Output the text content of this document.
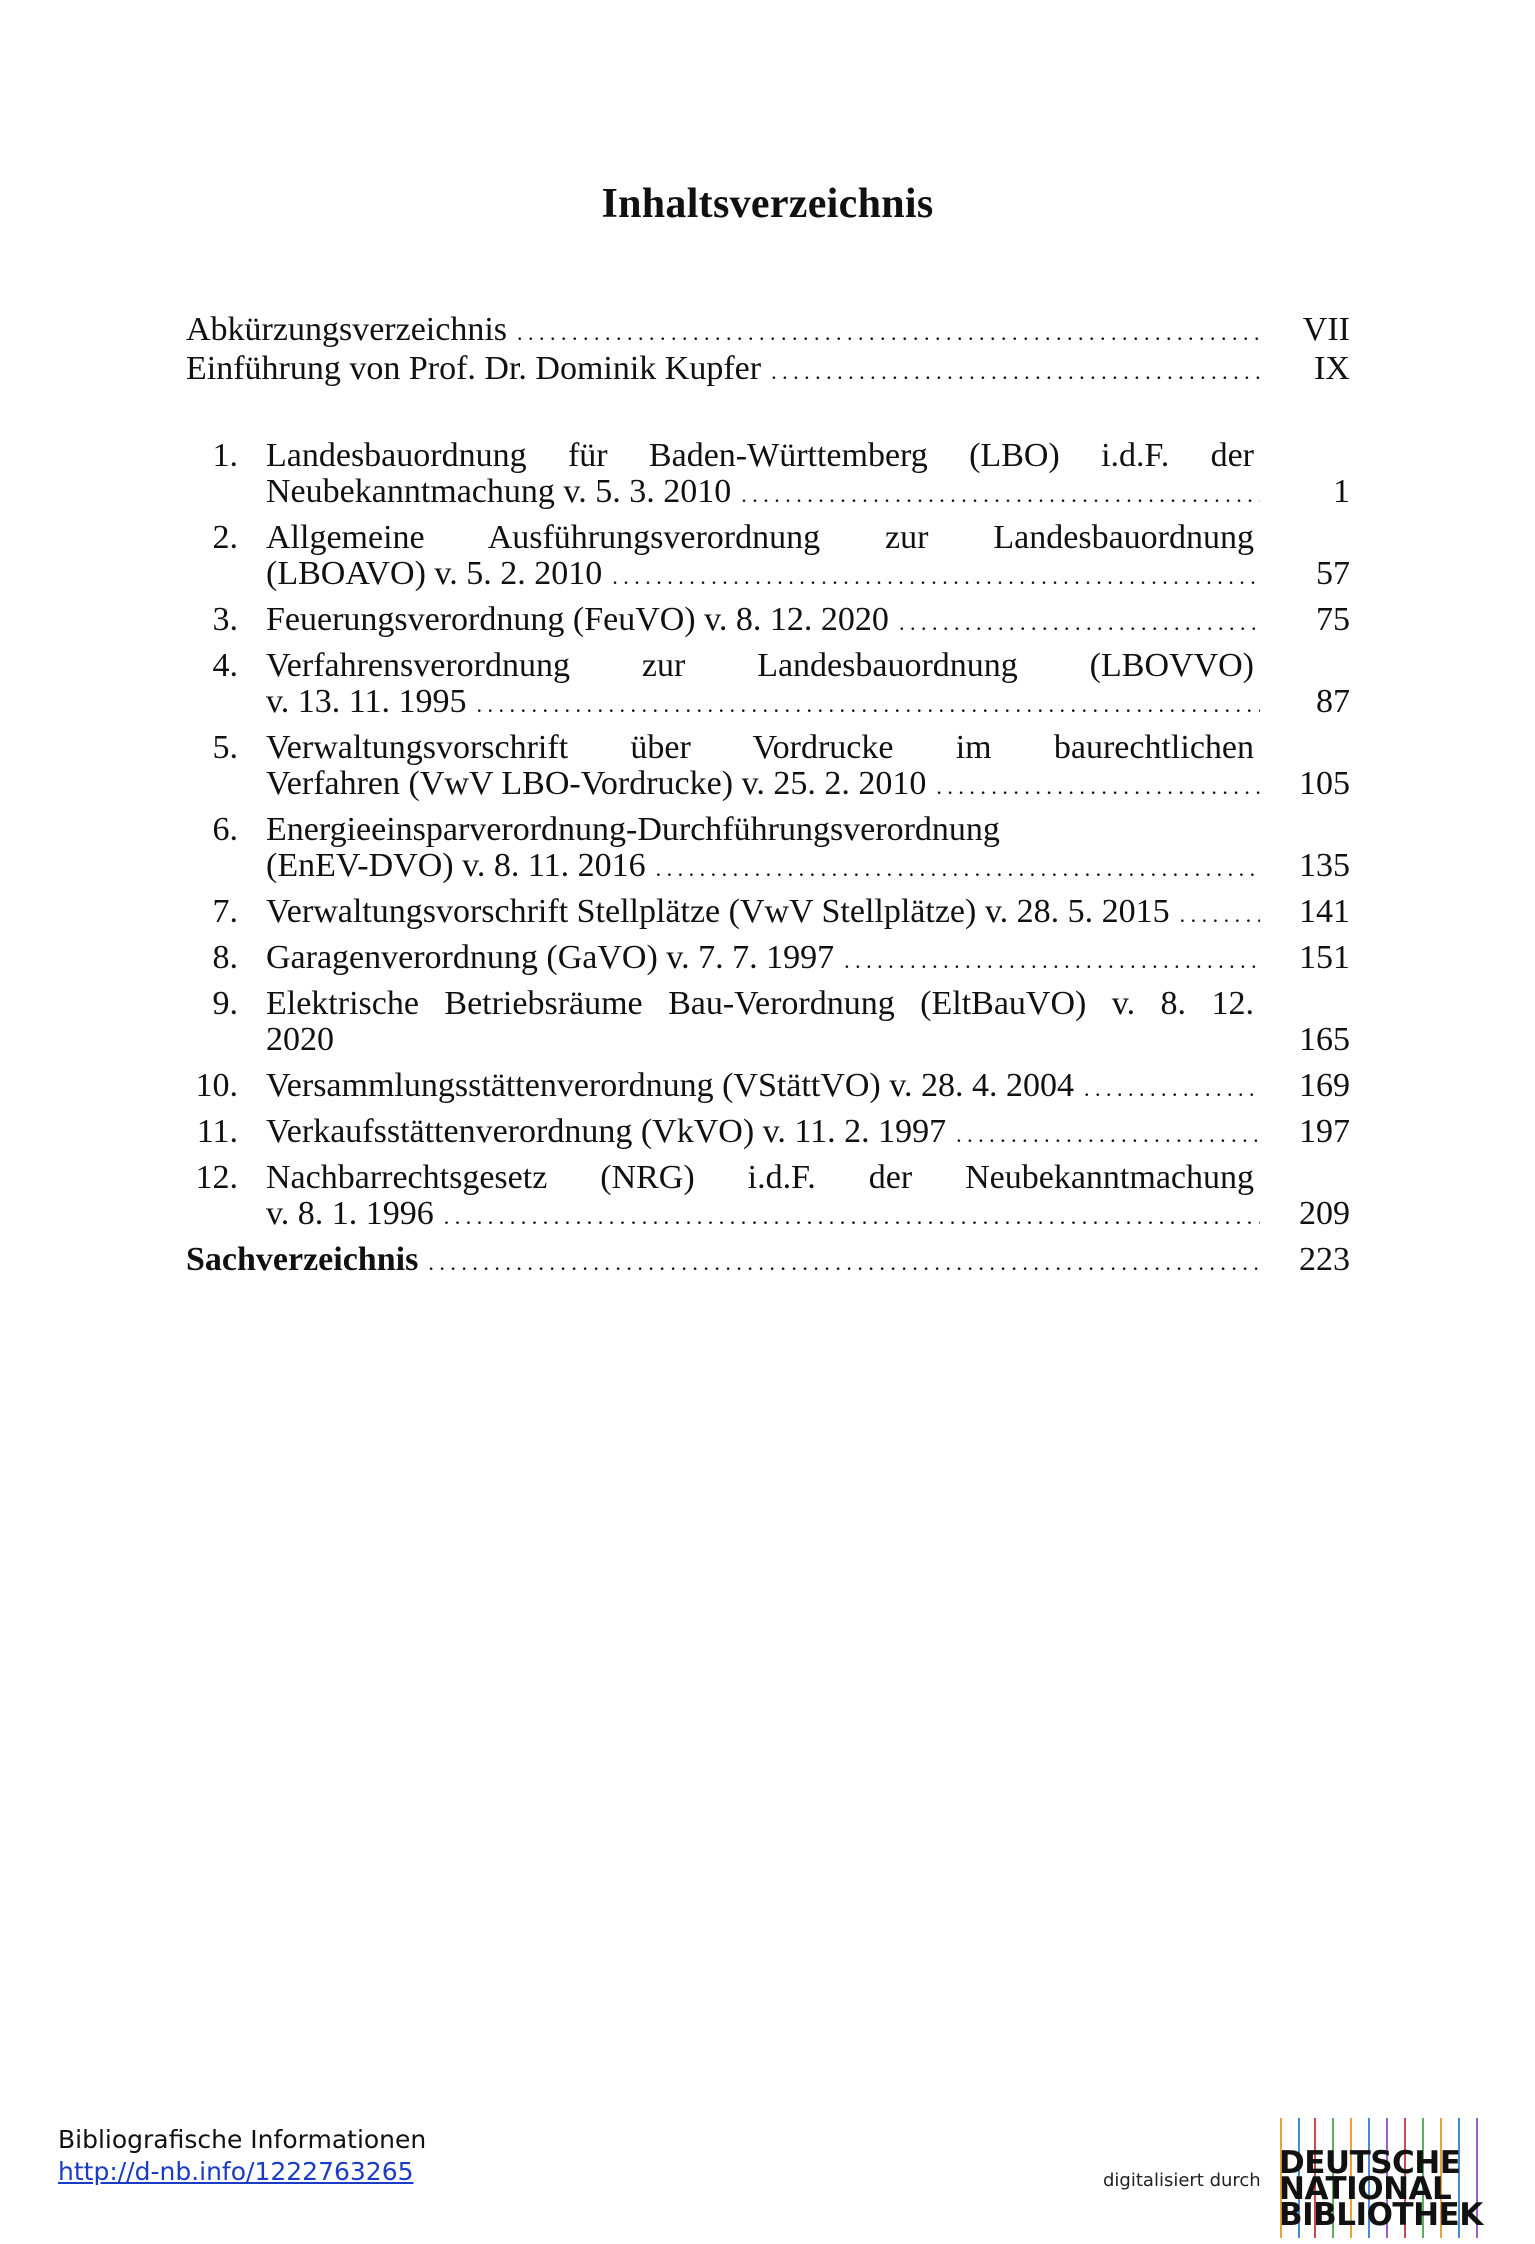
Inhaltsverzeichnis
Abkürzungsverzeichnis . . .	VII
Einführung von Prof. Dr. Dominik Kupfer . . .	IX
1. Landesbauordnung für Baden-Württemberg (LBO) i.d.F. der
Neubekanntmachung v. 5. 3. 2010 . . .	1
2. Allgemeine Ausführungsverordnung zur Landesbauordnung
(LBOAVO) v. 5. 2. 2010 . . .	57
3. Feuerungsverordnung (FeuVO) v. 8. 12. 2020 . . .	75
4. Verfahrensverordnung zur Landesbauordnung (LBOVVO)
v. 13. 11. 1995 . . .	87
5. Verwaltungsvorschrift über Vordrucke im baurechtlichen
Verfahren (VwV LBO-Vordrucke) v. 25. 2. 2010 . . .	105
6. Energieeinsparverordnung-Durchführungsverordnung
(EnEV-DVO) v. 8. 11. 2016 . . .	135
7. Verwaltungsvorschrift Stellplätze (VwV Stellplätze) v. 28. 5. 2015 . . .	141
8. Garagenverordnung (GaVO) v. 7. 7. 1997 . . .	151
9. Elektrische Betriebsräume Bau-Verordnung (EltBauVO) v. 8. 12.
2020	165
10. Versammlungsstättenverordnung (VStättVO) v. 28. 4. 2004 . . .	169
11. Verkaufsstättenverordnung (VkVO) v. 11. 2. 1997 . . .	197
12. Nachbarrechtsgesetz (NRG) i.d.F. der Neubekanntmachung
v. 8. 1. 1996 . . .	209
Sachverzeichnis . . .	223
Bibliografische Informationen
http://d-nb.info/1222763265	digitalisiert durch DEUTSCHE
NATIONAL
BIBLIOTHEK
